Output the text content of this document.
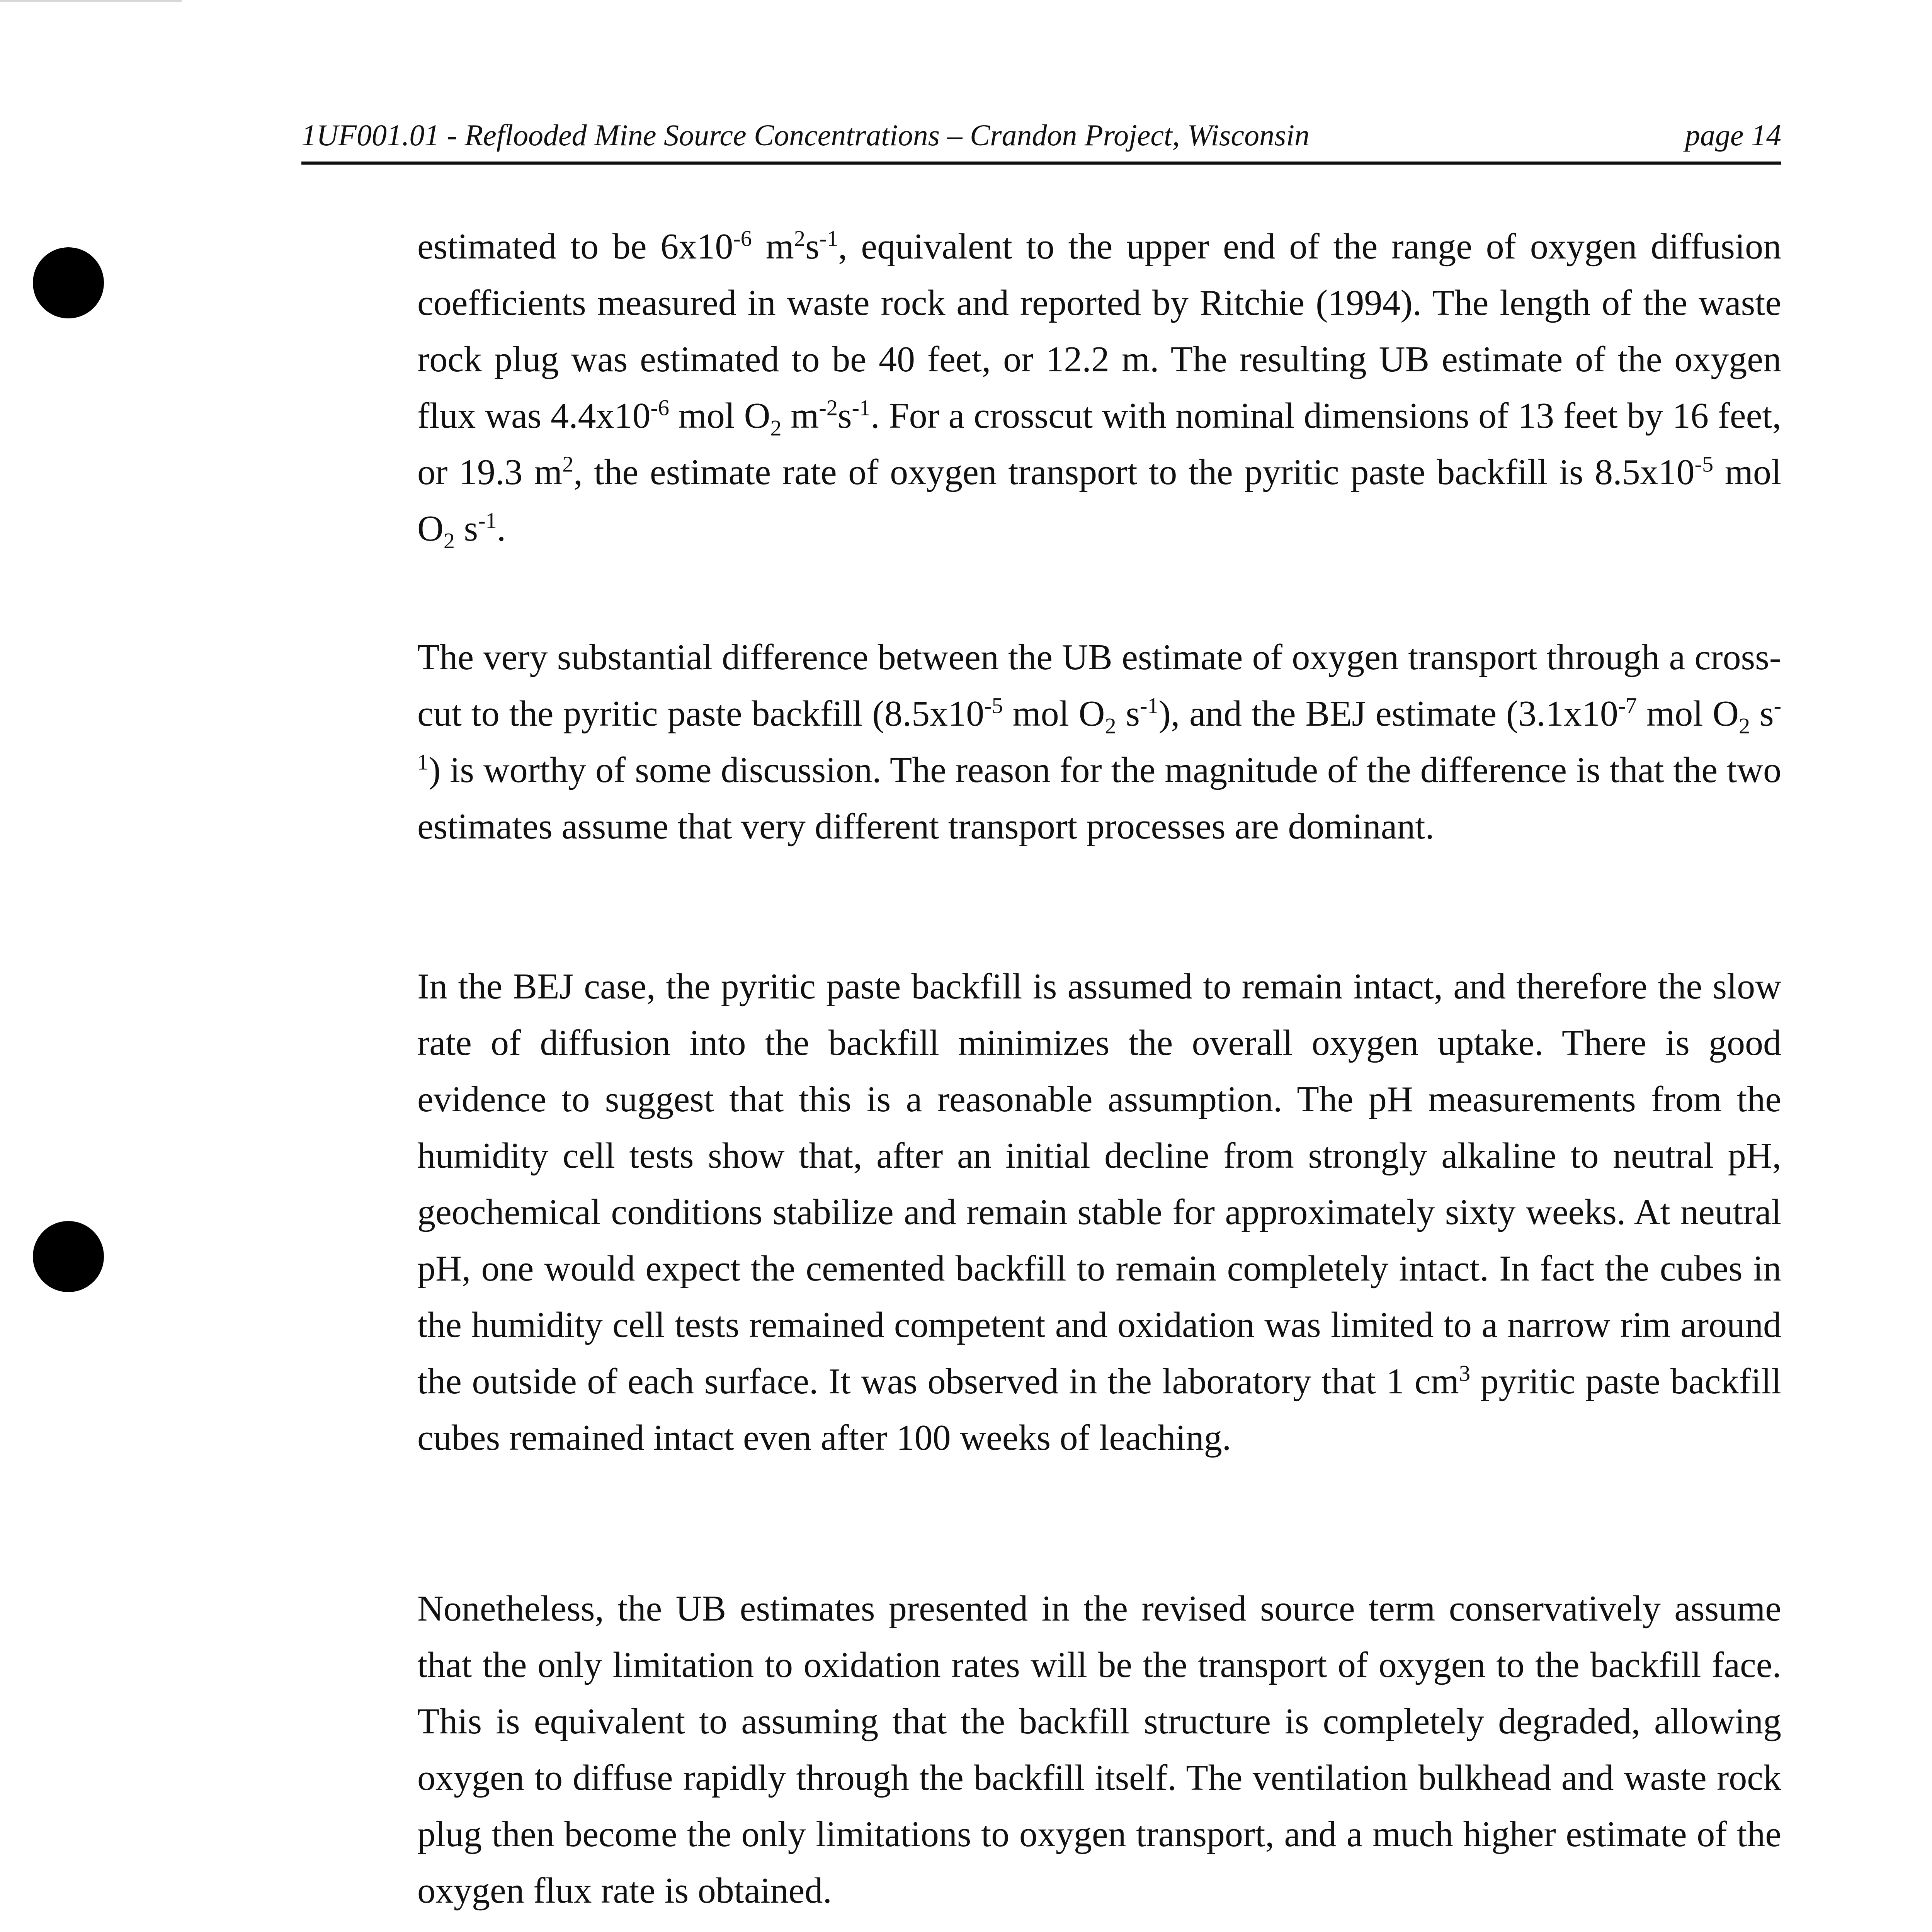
1UF001.01 - Reflooded Mine Source Concentrations – Crandon Project, Wisconsin	page 14
estimated to be $6x10^{-6}$ $m^2s^{-1}$, equivalent to the upper end of the range of oxygen diffusion coefficients measured in waste rock and reported by Ritchie (1994). The length of the waste rock plug was estimated to be 40 feet, or 12.2 m. The resulting UB estimate of the oxygen flux was $4.4x10^{-6}$ mol $O_2$ $m^{-2}s^{-1}$. For a crosscut with nominal dimensions of 13 feet by 16 feet, or 19.3 $m^2$, the estimate rate of oxygen transport to the pyritic paste backfill is $8.5x10^{-5}$ mol $O_2$ $s^{-1}$.
The very substantial difference between the UB estimate of oxygen transport through a cross-cut to the pyritic paste backfill ($8.5x10^{-5}$ mol $O_2$ $s^{-1}$), and the BEJ estimate ($3.1x10^{-7}$ mol $O_2$ $s^{-1}$) is worthy of some discussion. The reason for the magnitude of the difference is that the two estimates assume that very different transport processes are dominant.
In the BEJ case, the pyritic paste backfill is assumed to remain intact, and therefore the slow rate of diffusion into the backfill minimizes the overall oxygen uptake. There is good evidence to suggest that this is a reasonable assumption. The pH measurements from the humidity cell tests show that, after an initial decline from strongly alkaline to neutral pH, geochemical conditions stabilize and remain stable for approximately sixty weeks. At neutral pH, one would expect the cemented backfill to remain completely intact. In fact the cubes in the humidity cell tests remained competent and oxidation was limited to a narrow rim around the outside of each surface. It was observed in the laboratory that 1 $cm^3$ pyritic paste backfill cubes remained intact even after 100 weeks of leaching.
Nonetheless, the UB estimates presented in the revised source term conservatively assume that the only limitation to oxidation rates will be the transport of oxygen to the backfill face. This is equivalent to assuming that the backfill structure is completely degraded, allowing oxygen to diffuse rapidly through the backfill itself. The ventilation bulkhead and waste rock plug then become the only limitations to oxygen transport, and a much higher estimate of the oxygen flux rate is obtained.
